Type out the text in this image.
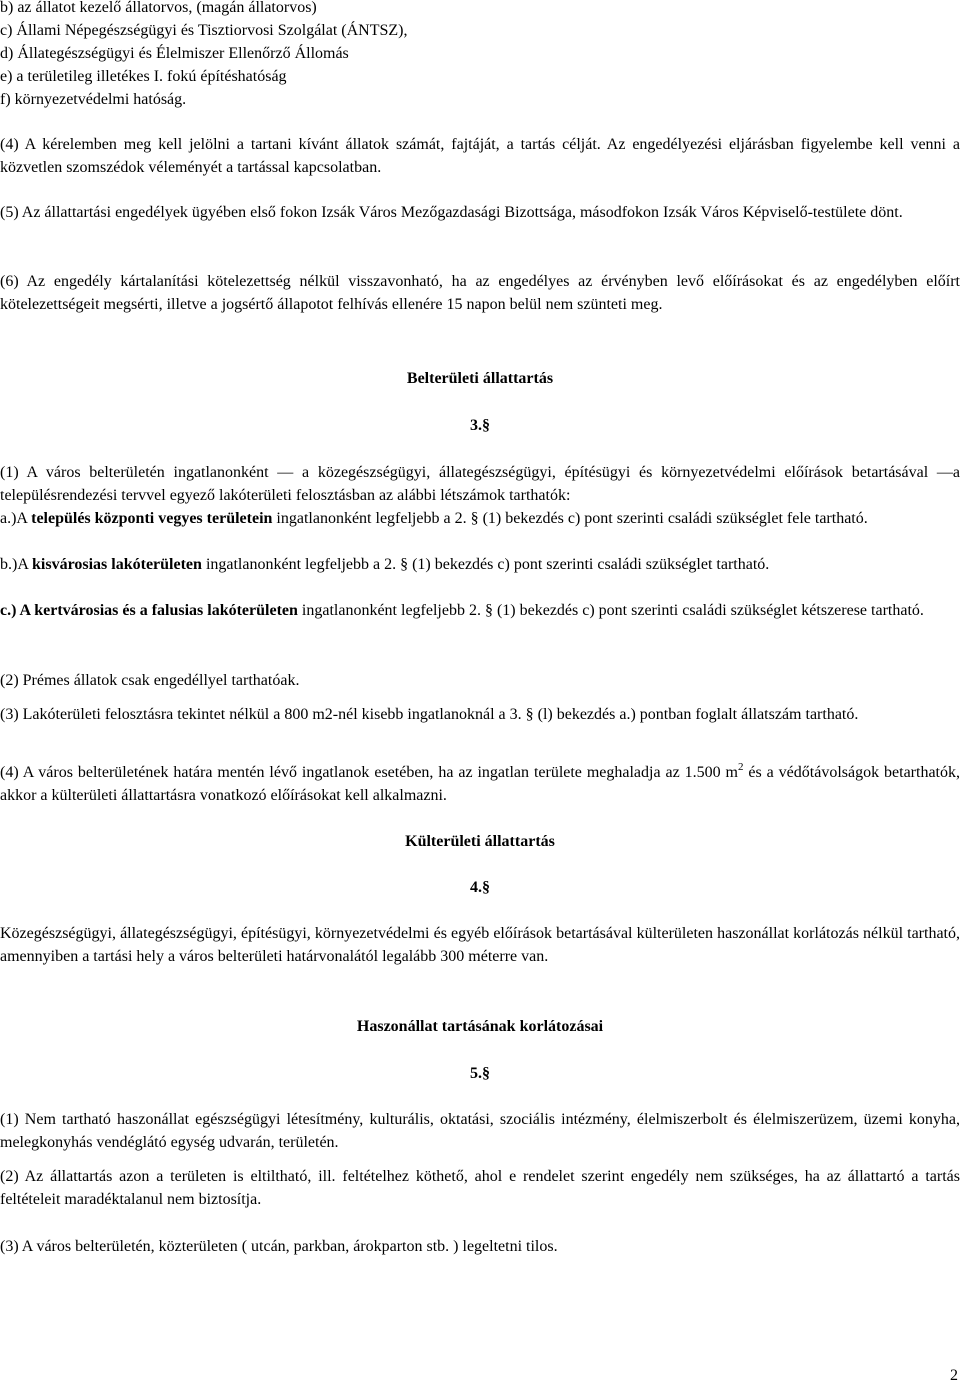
b) az állatot kezelő állatorvos, (magán állatorvos)
c) Állami Népegészségügyi és Tisztiorvosi Szolgálat (ÁNTSZ),
d) Állategészségügyi és Élelmiszer Ellenőrző Állomás
e) a területileg illetékes I. fokú építéshatóság
f) környezetvédelmi hatóság.

(4) A kérelemben meg kell jelölni a tartani kívánt állatok számát, fajtáját, a tartás célját. Az engedélyezési eljárásban figyelembe kell venni a közvetlen szomszédok véleményét a tartással kapcsolatban.

(5) Az állattartási engedélyek ügyében első fokon Izsák Város Mezőgazdasági Bizottsága, másodfokon Izsák Város Képviselő-testülete dönt.

(6) Az engedély kártalanítási kötelezettség nélkül visszavonható, ha az engedélyes az érvényben levő előírásokat és az engedélyben előírt kötelezettségeit megsérti, illetve a jogsértő állapotot felhívás ellenére 15 napon belül nem szünteti meg.

Belterületi állattartás
3.§

(1) A város belterületén ingatlanonként — a közegészségügyi, állategészségügyi, építésügyi és környezetvédelmi előírások betartásával —a településrendezési tervvel egyező lakóterületi felosztásban az alábbi létszámok tarthatók:

a.)A település központi vegyes területein ingatlanonként legfeljebb a 2. § (1) bekezdés c) pont szerinti családi szükséglet fele tartható.

b.)A kisvárosias lakóterületen ingatlanonként legfeljebb a 2. § (1) bekezdés c) pont szerinti családi szükséglet tartható.

c.) A kertvárosias és a falusias lakóterületen ingatlanonként legfeljebb 2. § (1) bekezdés c) pont szerinti családi szükséglet kétszerese tartható.

(2) Prémes állatok csak engedéllyel tarthatóak.

(3) Lakóterületi felosztásra tekintet nélkül a 800 m2-nél kisebb ingatlanoknál a 3. § (l) bekezdés a.) pontban foglalt állatszám tartható.

(4) A város belterületének határa mentén lévő ingatlanok esetében, ha az ingatlan területe meghaladja az 1.500 $m^2$ és a védőtávolságok betarthatók, akkor a külterületi állattartásra vonatkozó előírásokat kell alkalmazni.

Külterületi állattartás
4.§

Közegészségügyi, állategészségügyi, építésügyi, környezetvédelmi és egyéb előírások betartásával külterületen haszonállat korlátozás nélkül tartható, amennyiben a tartási hely a város belterületi határvonalától legalább 300 méterre van.

Haszonállat tartásának korlátozásai
5.§

(1) Nem tartható haszonállat egészségügyi létesítmény, kulturális, oktatási, szociális intézmény, élelmiszerbolt és élelmiszerüzem, üzemi konyha, melegkonyhás vendéglátó egység udvarán, területén.

(2) Az állattartás azon a területen is eltiltható, ill. feltételhez köthető, ahol e rendelet szerint engedély nem szükséges, ha az állattartó a tartás feltételeit maradéktalanul nem biztosítja.

(3) A város belterületén, közterületen ( utcán, parkban, árokparton stb. ) legeltetni tilos.

2
